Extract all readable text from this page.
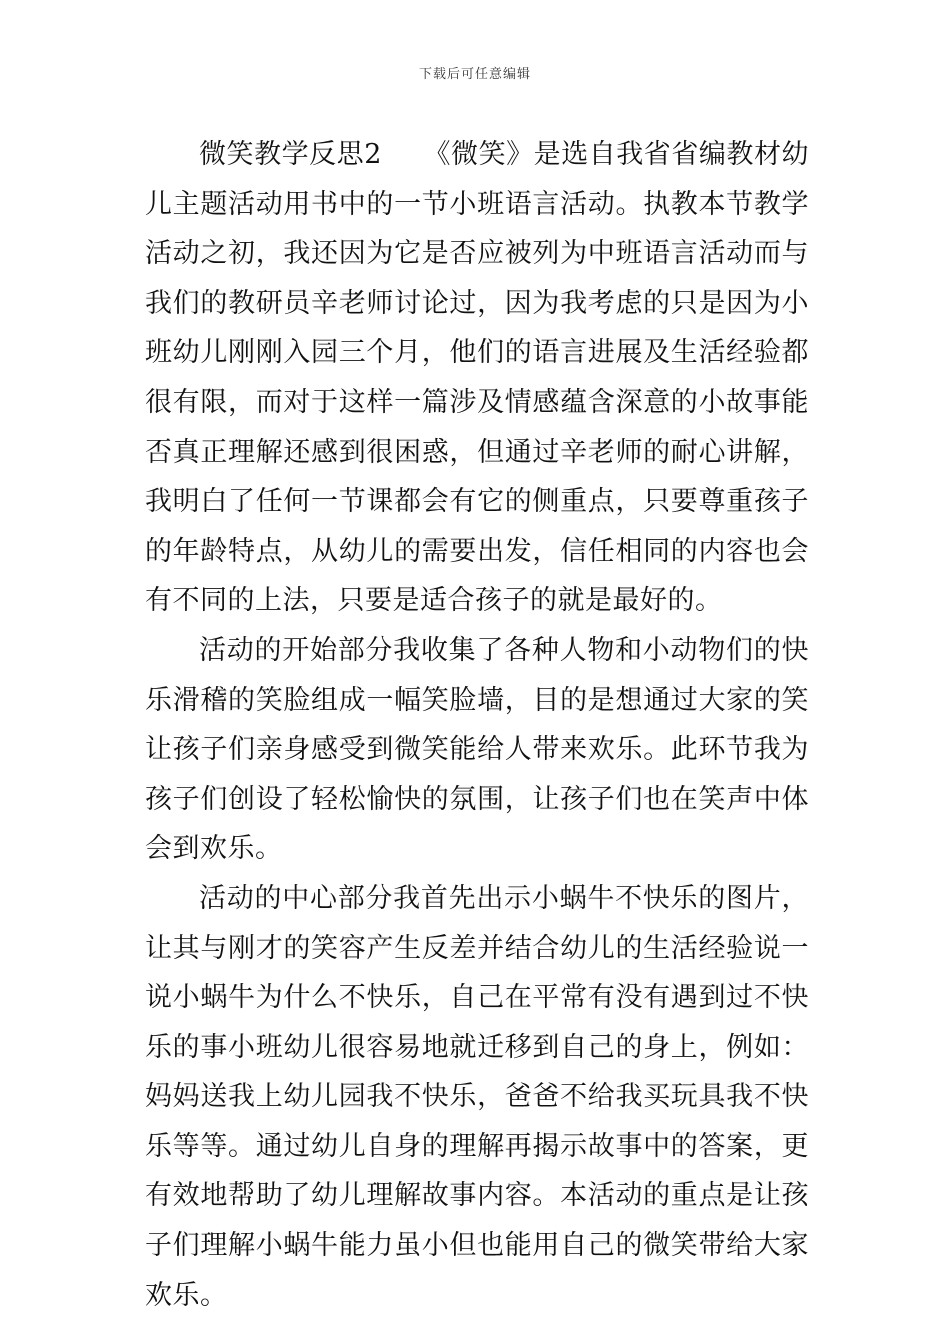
下载后可任意编辑

微笑教学反思2　　《微笑》是选自我省省编教材幼儿主题活动用书中的一节小班语言活动。执教本节教学活动之初，我还因为它是否应被列为中班语言活动而与我们的教研员辛老师讨论过，因为我考虑的只是因为小班幼儿刚刚入园三个月，他们的语言进展及生活经验都很有限，而对于这样一篇涉及情感蕴含深意的小故事能否真正理解还感到很困惑，但通过辛老师的耐心讲解，我明白了任何一节课都会有它的侧重点，只要尊重孩子的年龄特点，从幼儿的需要出发，信任相同的内容也会有不同的上法，只要是适合孩子的就是最好的。

活动的开始部分我收集了各种人物和小动物们的快乐滑稽的笑脸组成一幅笑脸墙，目的是想通过大家的笑让孩子们亲身感受到微笑能给人带来欢乐。此环节我为孩子们创设了轻松愉快的氛围，让孩子们也在笑声中体会到欢乐。

活动的中心部分我首先出示小蜗牛不快乐的图片，让其与刚才的笑容产生反差并结合幼儿的生活经验说一说小蜗牛为什么不快乐，自己在平常有没有遇到过不快乐的事小班幼儿很容易地就迁移到自己的身上，例如：妈妈送我上幼儿园我不快乐，爸爸不给我买玩具我不快乐等等。通过幼儿自身的理解再揭示故事中的答案，更有效地帮助了幼儿理解故事内容。本活动的重点是让孩子们理解小蜗牛能力虽小但也能用自己的微笑带给大家欢乐。
